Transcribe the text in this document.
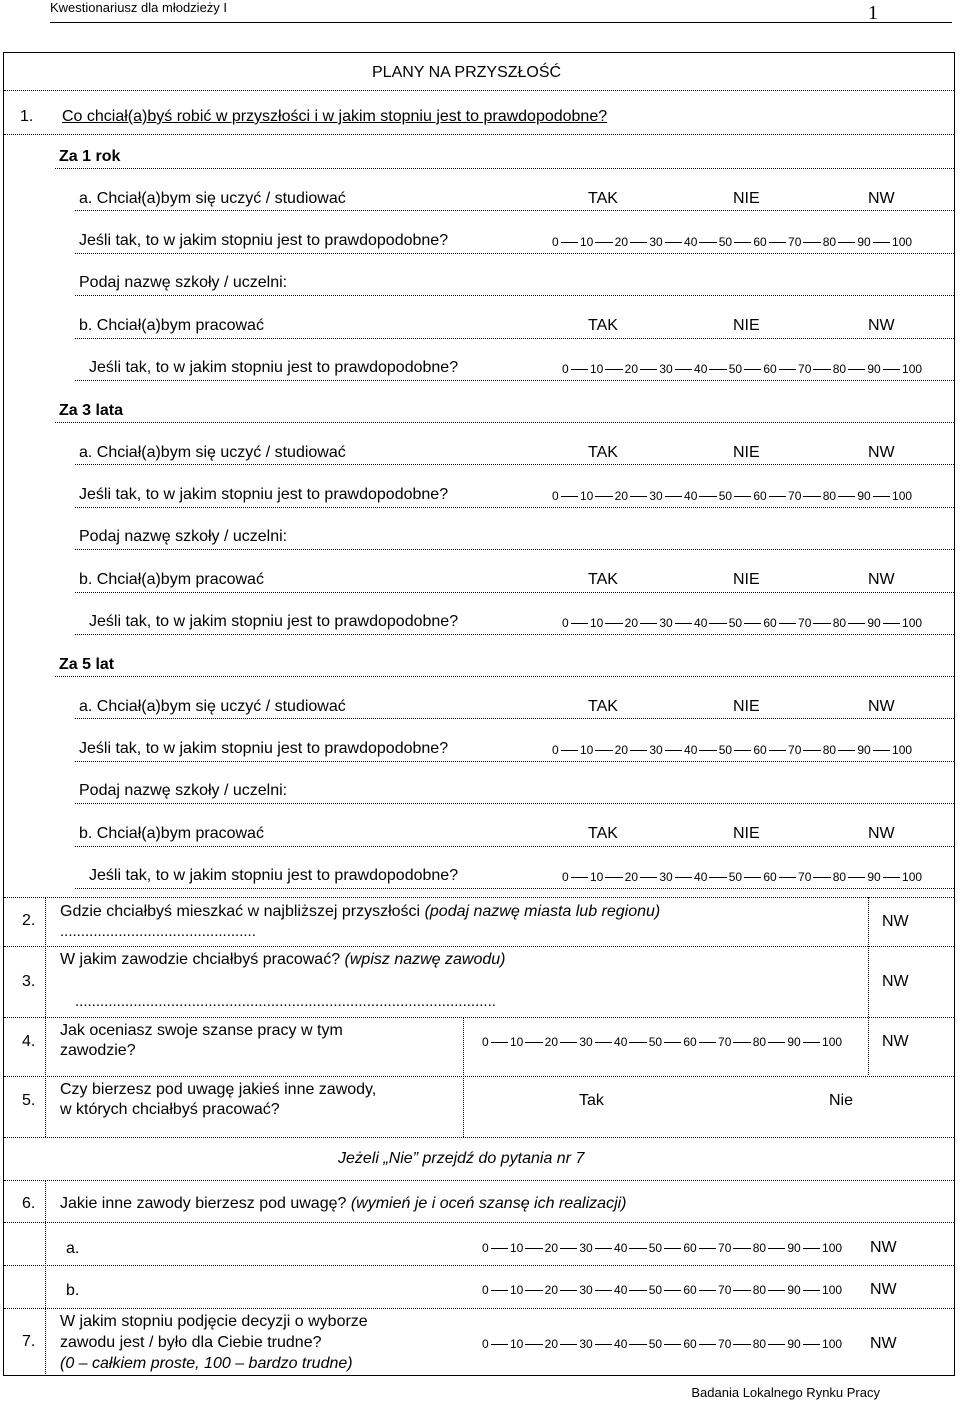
Kwestionariusz dla młodzieży I	1
PLANY NA PRZYSZŁOŚĆ
1. Co chciał(a)byś robić w przyszłości i w jakim stopniu jest to prawdopodobne?
Za 1 rok
a. Chciał(a)bym się uczyć / studiować	TAK	NIE	NW
Jeśli tak, to w jakim stopniu jest to prawdopodobne?	0 10 20 30 40 50 60 70 80 90 100
Podaj nazwę szkoły / uczelni:
b. Chciał(a)bym pracować	TAK	NIE	NW
Jeśli tak, to w jakim stopniu jest to prawdopodobne?	0 10 20 30 40 50 60 70 80 90 100
Za 3 lata
a. Chciał(a)bym się uczyć / studiować	TAK	NIE	NW
Jeśli tak, to w jakim stopniu jest to prawdopodobne?	0 10 20 30 40 50 60 70 80 90 100
Podaj nazwę szkoły / uczelni:
b. Chciał(a)bym pracować	TAK	NIE	NW
Jeśli tak, to w jakim stopniu jest to prawdopodobne?	0 10 20 30 40 50 60 70 80 90 100
Za 5 lat
a. Chciał(a)bym się uczyć / studiować	TAK	NIE	NW
Jeśli tak, to w jakim stopniu jest to prawdopodobne?	0 10 20 30 40 50 60 70 80 90 100
Podaj nazwę szkoły / uczelni:
b. Chciał(a)bym pracować	TAK	NIE	NW
Jeśli tak, to w jakim stopniu jest to prawdopodobne?	0 10 20 30 40 50 60 70 80 90 100
2.
Gdzie chciałbyś mieszkać w najbliższej przyszłości (podaj nazwę miasta lub regionu)
...............................................
NW
3.
W jakim zawodzie chciałbyś pracować? (wpisz nazwę zawodu)
.....................................................................................................
NW
4.
Jak oceniasz swoje szanse pracy w tym
zawodzie?	0 10 20 30 40 50 60 70 80 90 100 NW
5.
Czy bierzesz pod uwagę jakieś inne zawody,
w których chciałbyś pracować?
Tak	Nie
Jeżeli „Nie” przejdź do pytania nr 7
6. Jakie inne zawody bierzesz pod uwagę? (wymień je i oceń szansę ich realizacji)
a.	0 10 20 30 40 50 60 70 80 90 100 NW
b.	0 10 20 30 40 50 60 70 80 90 100 NW
7.
W jakim stopniu podjęcie decyzji o wyborze
zawodu jest / było dla Ciebie trudne?
(0 – całkiem proste, 100 – bardzo trudne)
0 10 20 30 40 50 60 70 80 90 100 NW
Badania Lokalnego Rynku Pracy
